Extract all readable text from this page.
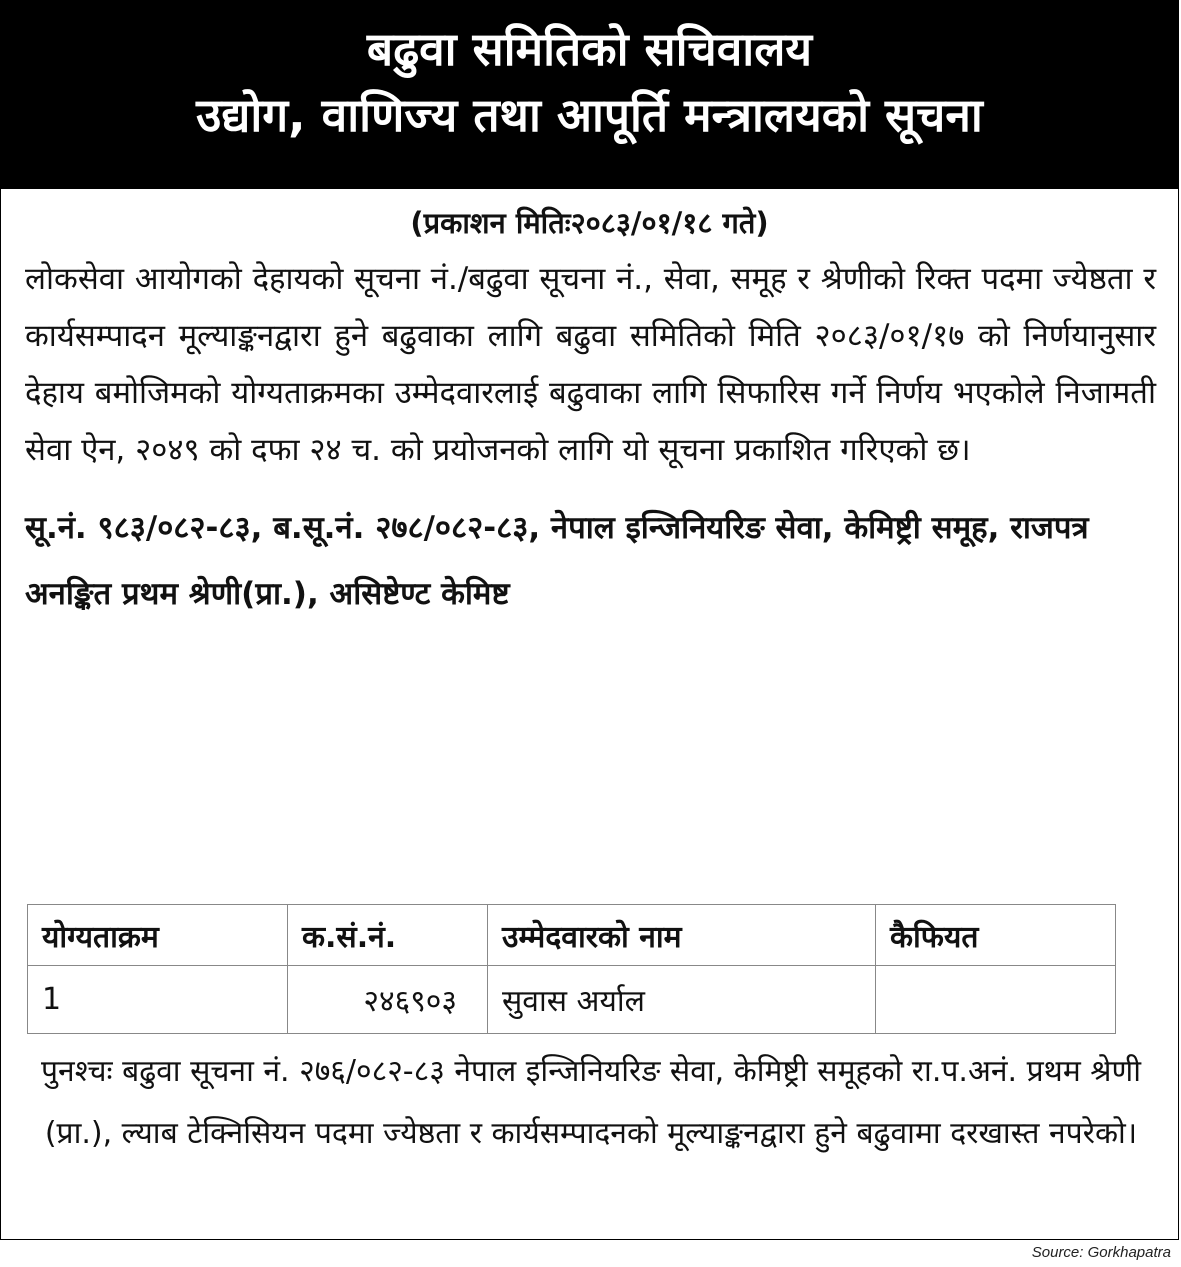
बढुवा समितिको सचिवालय
उद्योग, वाणिज्य तथा आपूर्ति मन्त्रालयको सूचना
(प्रकाशन मितिः२०८३/०१/१८ गते)
लोकसेवा आयोगको देहायको सूचना नं./बढुवा सूचना नं., सेवा, समूह र श्रेणीको रिक्त पदमा ज्येष्ठता र कार्यसम्पादन मूल्याङ्कनद्वारा हुने बढुवाका लागि बढुवा समितिको मिति २०८३/०१/१७ को निर्णयानुसार देहाय बमोजिमको योग्यताक्रमका उम्मेदवारलाई बढुवाका लागि सिफारिस गर्ने निर्णय भएकोले निजामती सेवा ऐन, २०४९ को दफा २४ च. को प्रयोजनको लागि यो सूचना प्रकाशित गरिएको छ।
सू.नं. ९८३/०८२-८३, ब.सू.नं. २७८/०८२-८३, नेपाल इन्जिनियरिङ सेवा, केमिष्ट्री समूह, राजपत्र अनङ्कित प्रथम श्रेणी(प्रा.), असिष्टेण्ट केमिष्ट
योग्यताक्रम	क.सं.नं.	उम्मेदवारको नाम	कैफियत
1	२४६९०३	सुवास अर्याल	
पुनश्चः बढुवा सूचना नं. २७६/०८२-८३ नेपाल इन्जिनियरिङ सेवा, केमिष्ट्री समूहको रा.प.अनं. प्रथम श्रेणी (प्रा.), ल्याब टेक्निसियन पदमा ज्येष्ठता र कार्यसम्पादनको मूल्याङ्कनद्वारा हुने बढुवामा दरखास्त नपरेको।
Source: Gorkhapatra
